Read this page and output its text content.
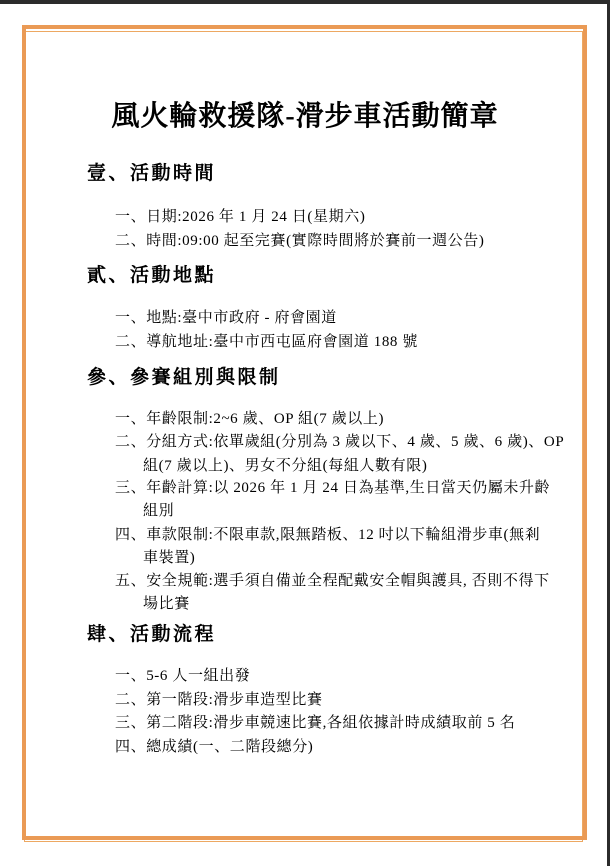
風火輪救援隊-滑步車活動簡章
壹、活動時間
一、日期:2026 年 1 月 24 日(星期六)
二、時間:09:00 起至完賽(實際時間將於賽前一週公告)
貳、活動地點
一、地點:臺中市政府 - 府會園道
二、導航地址:臺中市西屯區府會園道 188 號
參、參賽組別與限制
一、年齡限制:2~6 歲、OP 組(7 歲以上)
二、分組方式:依單歲組(分別為 3 歲以下、4 歲、5 歲、6 歲)、OP
組(7 歲以上)、男女不分組(每組人數有限)
三、年齡計算:以 2026 年 1 月 24 日為基準,生日當天仍屬未升齡
組別
四、車款限制:不限車款,限無踏板、12 吋以下輪組滑步車(無剎
車裝置)
五、安全規範:選手須自備並全程配戴安全帽與護具, 否則不得下
場比賽
肆、活動流程
一、5-6 人一組出發
二、第一階段:滑步車造型比賽
三、第二階段:滑步車競速比賽,各組依據計時成績取前 5 名
四、總成績(一、二階段總分)
